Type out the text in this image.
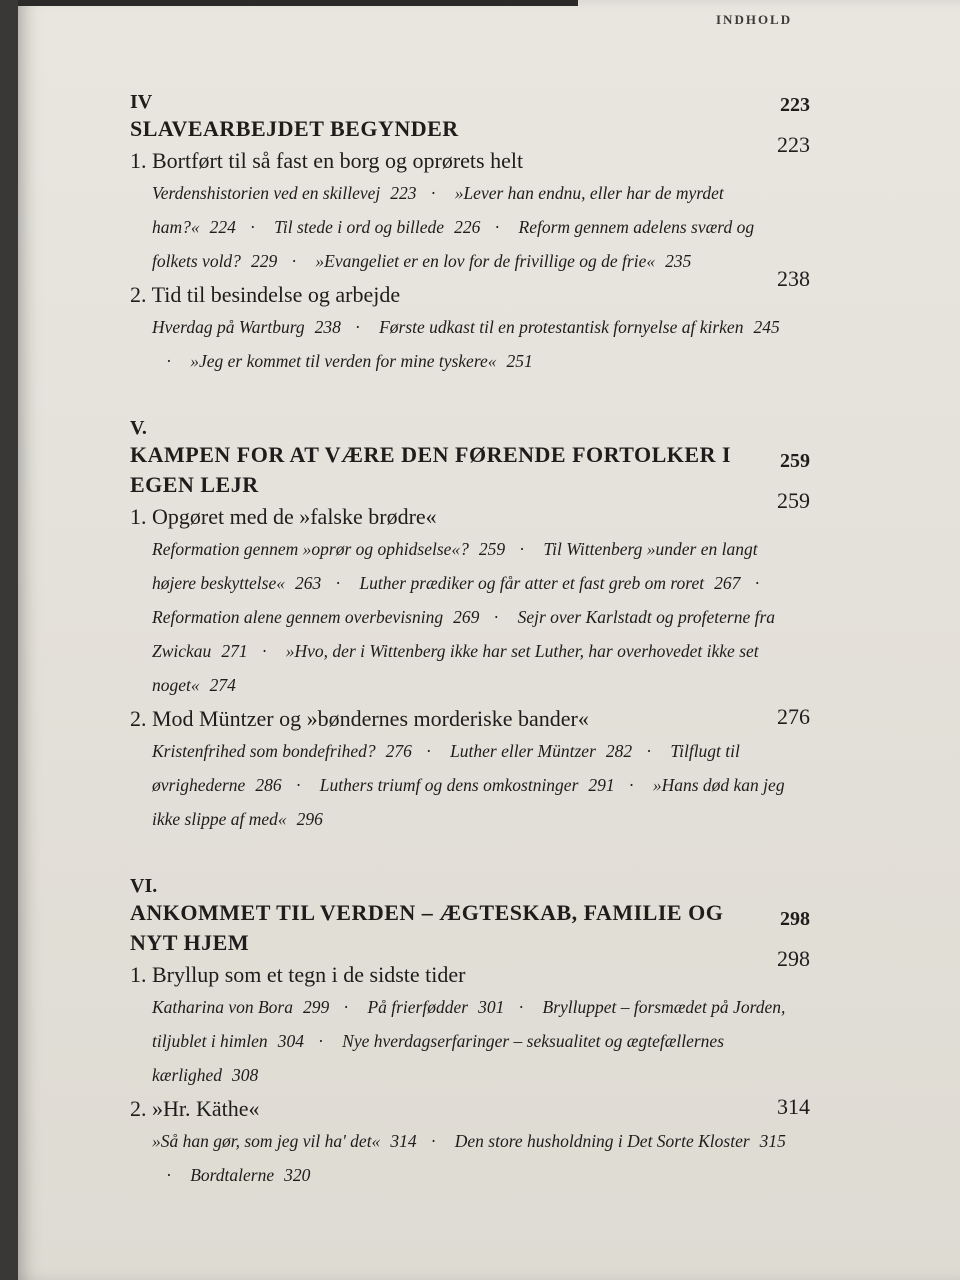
INDHOLD
IV
SLAVEARBEJDET BEGYNDER
223
1. Bortført til så fast en borg og oprørets helt
223
Verdenshistorien ved en skillevej 223 · »Lever han endnu, eller har de myrdet ham?« 224 · Til stede i ord og billede 226 · Reform gennem adelens sværd og folkets vold? 229 · »Evangeliet er en lov for de frivillige og de frie« 235
2. Tid til besindelse og arbejde
238
Hverdag på Wartburg 238 · Første udkast til en protestantisk fornyelse af kirken 245· »Jeg er kommet til verden for mine tyskere« 251
V.
KAMPEN FOR AT VÆRE DEN FØRENDE FORTOLKER I EGEN LEJR
259
1. Opgøret med de »falske brødre«
259
Reformation gennem »oprør og ophidselse«? 259 · Til Wittenberg »under en langt højere beskyttelse« 263 · Luther prædiker og får atter et fast greb om roret 267 · Reformation alene gennem overbevisning 269 · Sejr over Karlstadt og profeterne fra Zwickau 271 · »Hvo, der i Wittenberg ikke har set Luther, har overhovedet ikke set noget« 274
2. Mod Müntzer og »bøndernes morderiske bander«	276
Kristenfrihed som bondefrihed? 276 · Luther eller Müntzer 282 · Tilflugt til øvrighederne 286 · Luthers triumf og dens omkostninger 291 · »Hans død kan jeg ikke slippe af med« 296
VI.
ANKOMMET TIL VERDEN – ÆGTESKAB, FAMILIE OG NYT HJEM
298
1. Bryllup som et tegn i de sidste tider
298
Katharina von Bora 299 · På frierfødder 301 · Brylluppet – forsmædet på Jorden, tiljublet i himlen 304 · Nye hverdagserfaringer – seksualitet og ægtefællernes kærlighed 308
2. »Hr. Käthe«	314
»Så han gør, som jeg vil ha' det« 314 · Den store husholdning i Det Sorte Kloster 315· Bordtalerne 320
